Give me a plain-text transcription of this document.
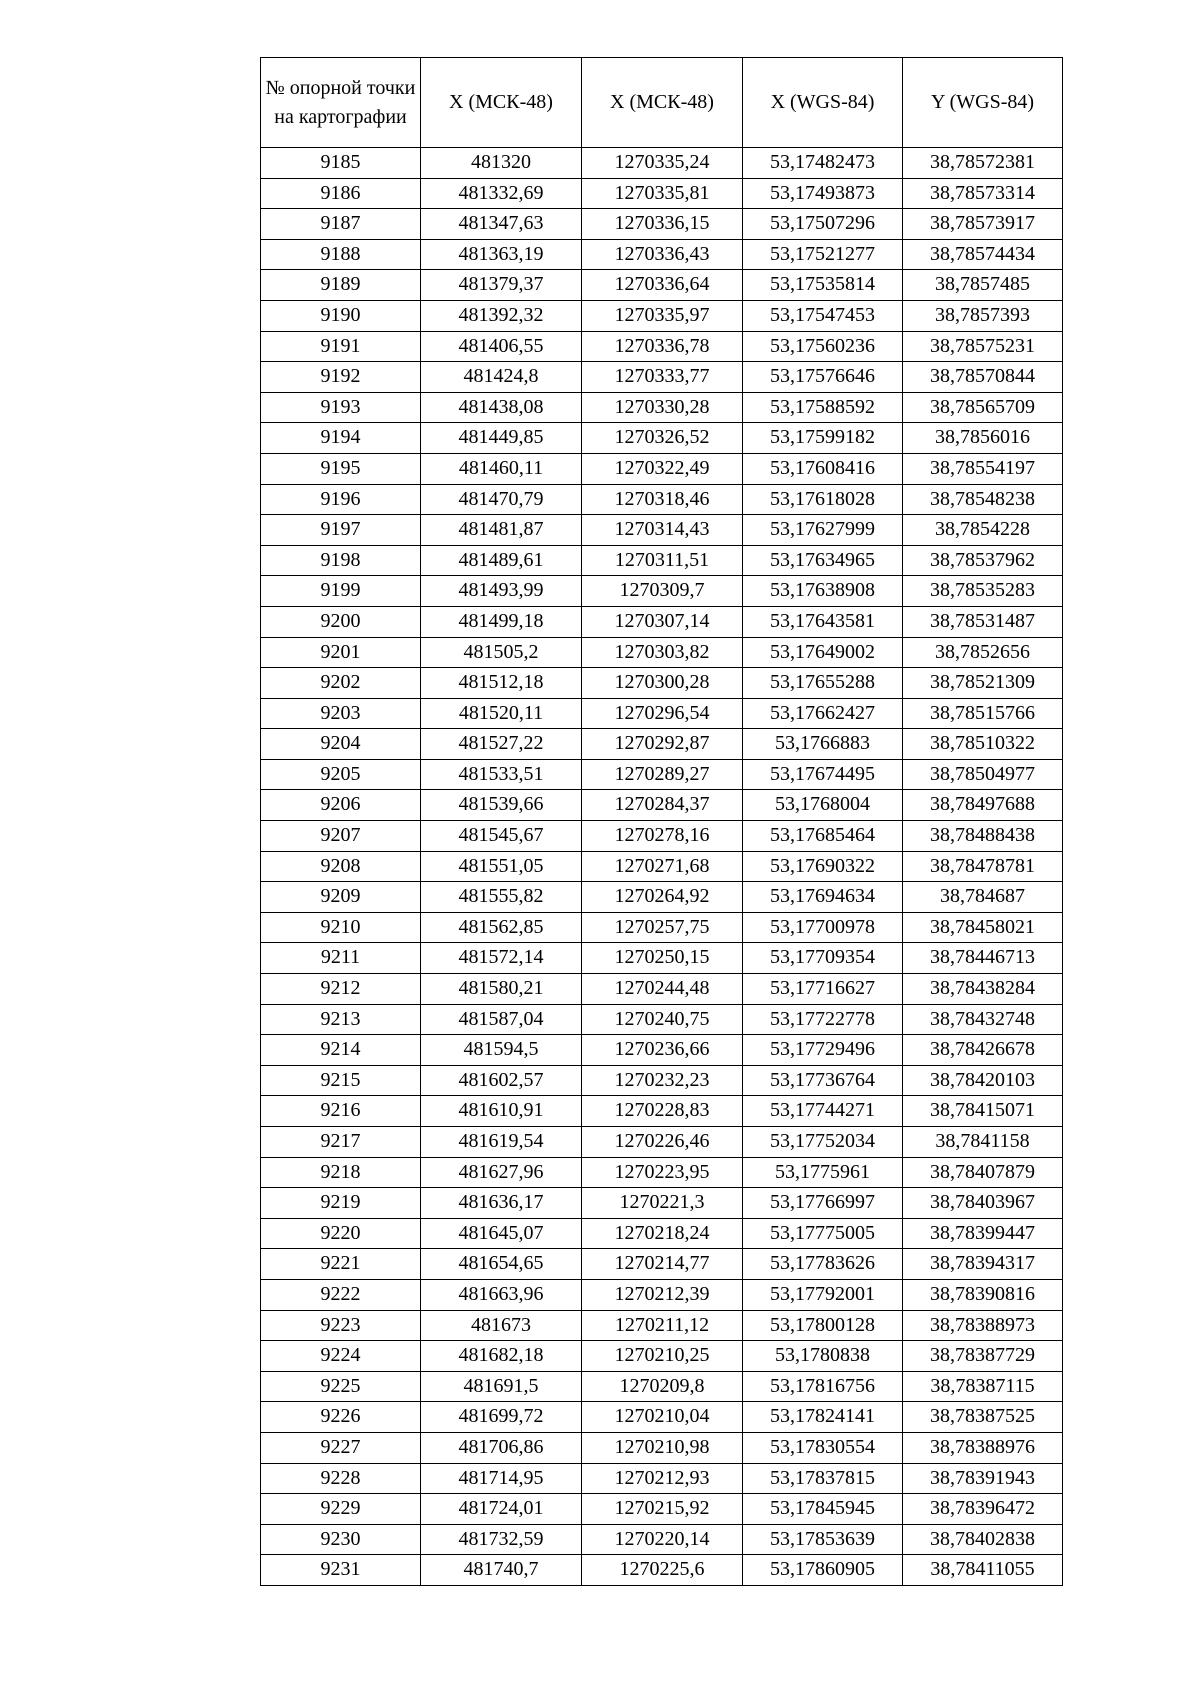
№ опорной точки на картографии	X (МСК-48)	X (МСК-48)	X (WGS-84)	Y (WGS-84)
9185	481320	1270335,24	53,17482473	38,78572381
9186	481332,69	1270335,81	53,17493873	38,78573314
9187	481347,63	1270336,15	53,17507296	38,78573917
9188	481363,19	1270336,43	53,17521277	38,78574434
9189	481379,37	1270336,64	53,17535814	38,7857485
9190	481392,32	1270335,97	53,17547453	38,7857393
9191	481406,55	1270336,78	53,17560236	38,78575231
9192	481424,8	1270333,77	53,17576646	38,78570844
9193	481438,08	1270330,28	53,17588592	38,78565709
9194	481449,85	1270326,52	53,17599182	38,7856016
9195	481460,11	1270322,49	53,17608416	38,78554197
9196	481470,79	1270318,46	53,17618028	38,78548238
9197	481481,87	1270314,43	53,17627999	38,7854228
9198	481489,61	1270311,51	53,17634965	38,78537962
9199	481493,99	1270309,7	53,17638908	38,78535283
9200	481499,18	1270307,14	53,17643581	38,78531487
9201	481505,2	1270303,82	53,17649002	38,7852656
9202	481512,18	1270300,28	53,17655288	38,78521309
9203	481520,11	1270296,54	53,17662427	38,78515766
9204	481527,22	1270292,87	53,1766883	38,78510322
9205	481533,51	1270289,27	53,17674495	38,78504977
9206	481539,66	1270284,37	53,1768004	38,78497688
9207	481545,67	1270278,16	53,17685464	38,78488438
9208	481551,05	1270271,68	53,17690322	38,78478781
9209	481555,82	1270264,92	53,17694634	38,784687
9210	481562,85	1270257,75	53,17700978	38,78458021
9211	481572,14	1270250,15	53,17709354	38,78446713
9212	481580,21	1270244,48	53,17716627	38,78438284
9213	481587,04	1270240,75	53,17722778	38,78432748
9214	481594,5	1270236,66	53,17729496	38,78426678
9215	481602,57	1270232,23	53,17736764	38,78420103
9216	481610,91	1270228,83	53,17744271	38,78415071
9217	481619,54	1270226,46	53,17752034	38,7841158
9218	481627,96	1270223,95	53,1775961	38,78407879
9219	481636,17	1270221,3	53,17766997	38,78403967
9220	481645,07	1270218,24	53,17775005	38,78399447
9221	481654,65	1270214,77	53,17783626	38,78394317
9222	481663,96	1270212,39	53,17792001	38,78390816
9223	481673	1270211,12	53,17800128	38,78388973
9224	481682,18	1270210,25	53,1780838	38,78387729
9225	481691,5	1270209,8	53,17816756	38,78387115
9226	481699,72	1270210,04	53,17824141	38,78387525
9227	481706,86	1270210,98	53,17830554	38,78388976
9228	481714,95	1270212,93	53,17837815	38,78391943
9229	481724,01	1270215,92	53,17845945	38,78396472
9230	481732,59	1270220,14	53,17853639	38,78402838
9231	481740,7	1270225,6	53,17860905	38,78411055
